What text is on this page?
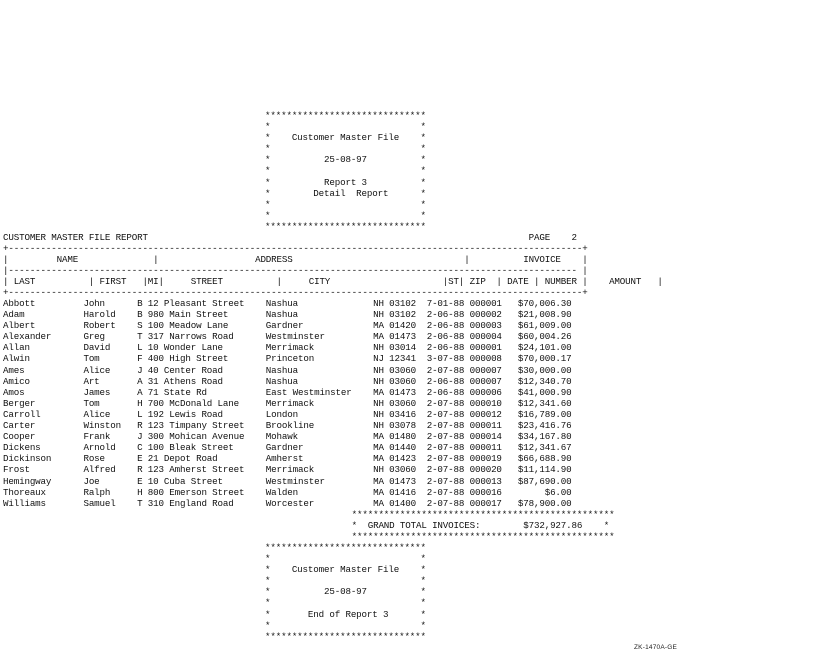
******************************
*                            *
*    Customer Master File    *
*                            *
*          25-08-97          *
*                            *
*          Report 3          *
*        Detail  Report      *
*                            *
*                            *
******************************
CUSTOMER MASTER FILE REPORT                                                                       PAGE    2
+-----------------------------------------------------------------------------------------------------------+
|         NAME              |                  ADDRESS                                |          INVOICE    |
|---------------------------------------------------------------------------------------------------------- |
| LAST          | FIRST   |MI|     STREET          |     CITY                     |ST| ZIP  | DATE | NUMBER |    AMOUNT   |
+-----------------------------------------------------------------------------------------------------------+
Abbott         John      B 12 Pleasant Street    Nashua              NH 03102  7-01-88 000001   $70,006.30
Adam           Harold    B 980 Main Street       Nashua              NH 03102  2-06-88 000002   $21,008.90
Albert         Robert    S 100 Meadow Lane       Gardner             MA 01420  2-06-88 000003   $61,009.00
Alexander      Greg      T 317 Narrows Road      Westminster         MA 01473  2-06-88 000004   $60,004.26
Allan          David     L 10 Wonder Lane        Merrimack           NH 03014  2-06-88 000001   $24,101.00
Alwin          Tom       F 400 High Street       Princeton           NJ 12341  3-07-88 000008   $70,000.17
Ames           Alice     J 40 Center Road        Nashua              NH 03060  2-07-88 000007   $30,000.00
Amico          Art       A 31 Athens Road        Nashua              NH 03060  2-06-88 000007   $12,340.70
Amos           James     A 71 State Rd           East Westminster    MA 01473  2-06-88 000006   $41,000.90
Berger         Tom       H 700 McDonald Lane     Merrimack           NH 03060  2-07-88 000010   $12,341.60
Carroll        Alice     L 192 Lewis Road        London              NH 03416  2-07-88 000012   $16,789.00
Carter         Winston   R 123 Timpany Street    Brookline           NH 03078  2-07-88 000011   $23,416.76
Cooper         Frank     J 300 Mohican Avenue    Mohawk              MA 01480  2-07-88 000014   $34,167.80
Dickens        Arnold    C 100 Bleak Street      Gardner             MA 01440  2-07-88 000011   $12,341.67
Dickinson      Rose      E 21 Depot Road         Amherst             MA 01423  2-07-88 000019   $66,688.90
Frost          Alfred    R 123 Amherst Street    Merrimack           NH 03060  2-07-88 000020   $11,114.90
Hemingway      Joe       E 10 Cuba Street        Westminster         MA 01473  2-07-88 000013   $87,690.00
Thoreaux       Ralph     H 800 Emerson Street    Walden              MA 01416  2-07-88 000016        $6.00
Williams       Samuel    T 310 England Road      Worcester           MA 01400  2-07-88 000017   $78,900.00
*************************************************
*  GRAND TOTAL INVOICES:        $732,927.86    *
*************************************************
******************************
*                            *
*    Customer Master File    *
*                            *
*          25-08-97          *
*                            *
*       End of Report 3      *
*                            *
******************************
ZK-1470A-GE
